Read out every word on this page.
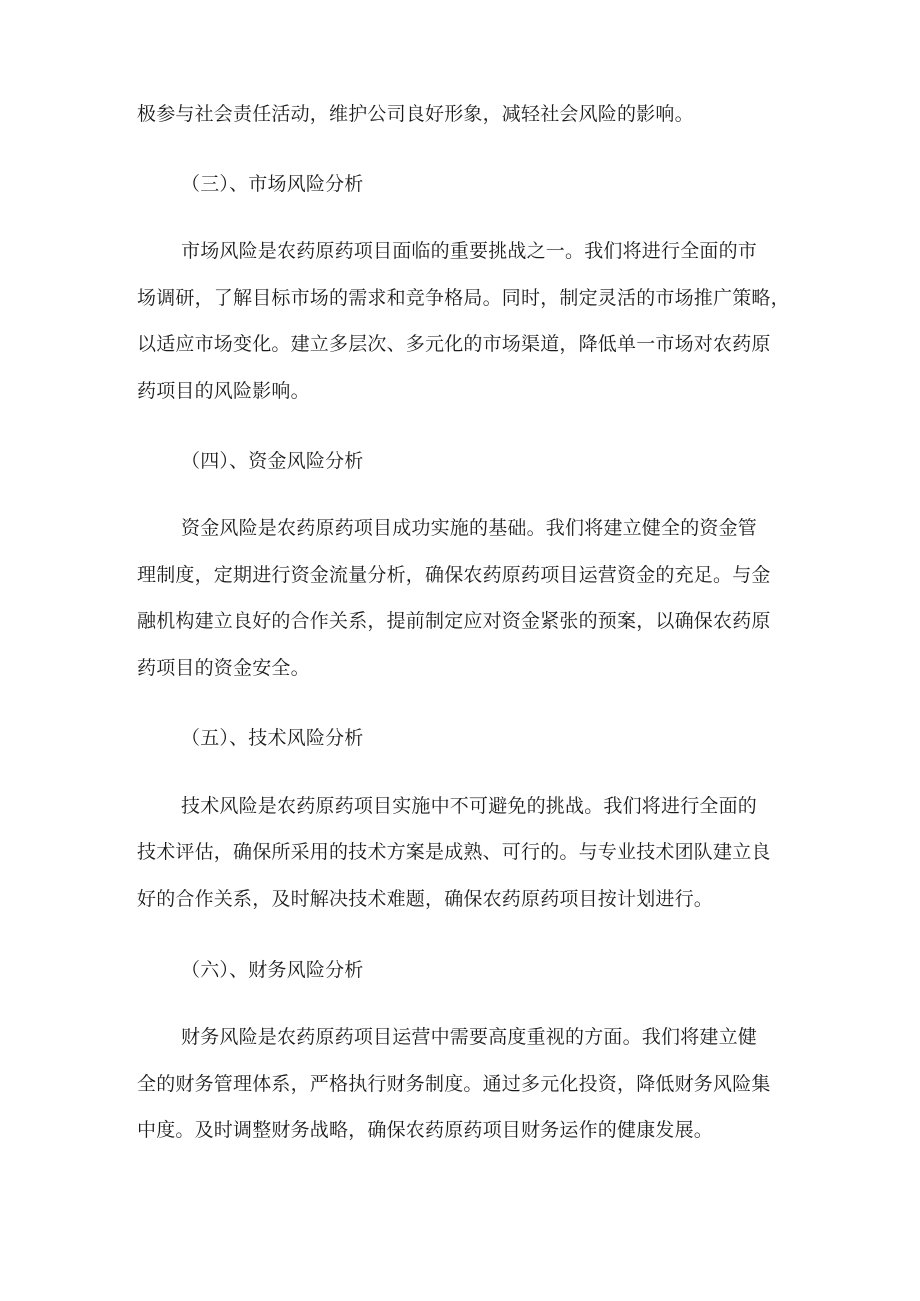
极参与社会责任活动，维护公司良好形象，减轻社会风险的影响。
（三）、市场风险分析
市场风险是农药原药项目面临的重要挑战之一。我们将进行全面的市
场调研，了解目标市场的需求和竞争格局。同时，制定灵活的市场推广策略，
以适应市场变化。建立多层次、多元化的市场渠道，降低单一市场对农药原
药项目的风险影响。
（四）、资金风险分析
资金风险是农药原药项目成功实施的基础。我们将建立健全的资金管
理制度，定期进行资金流量分析，确保农药原药项目运营资金的充足。与金
融机构建立良好的合作关系，提前制定应对资金紧张的预案，以确保农药原
药项目的资金安全。
（五）、技术风险分析
技术风险是农药原药项目实施中不可避免的挑战。我们将进行全面的
技术评估，确保所采用的技术方案是成熟、可行的。与专业技术团队建立良
好的合作关系，及时解决技术难题，确保农药原药项目按计划进行。
（六）、财务风险分析
财务风险是农药原药项目运营中需要高度重视的方面。我们将建立健
全的财务管理体系，严格执行财务制度。通过多元化投资，降低财务风险集
中度。及时调整财务战略，确保农药原药项目财务运作的健康发展。
